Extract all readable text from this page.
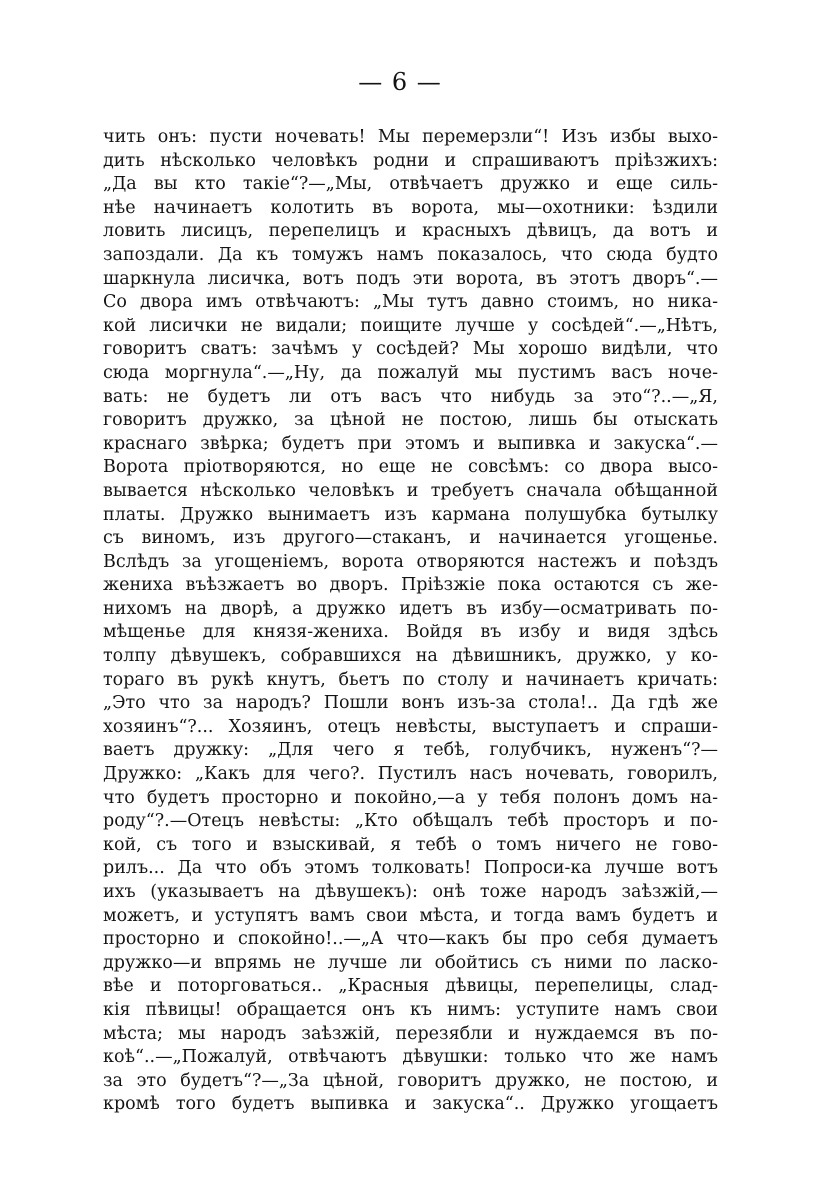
— 6 —
чить онъ: пусти ночевать! Мы перемерзли“! Изъ избы выхо-
дить нѣсколько человѣкъ родни и спрашиваютъ пріѣзжихъ:
„Да вы кто такіе“?—„Мы, отвѣчаетъ дружко и еще силь-
нѣе начинаетъ колотить въ ворота, мы—охотники: ѣздили
ловить лисицъ, перепелицъ и красныхъ дѣвицъ, да вотъ и
запоздали. Да къ томужъ намъ показалось, что сюда будто
шаркнула лисичка, вотъ подъ эти ворота, въ этотъ дворъ“.—
Со двора имъ отвѣчаютъ: „Мы тутъ давно стоимъ, но ника-
кой лисички не видали; поищите лучше у сосѣдей“.—„Нѣтъ,
говоритъ сватъ: зачѣмъ у сосѣдей? Мы хорошо видѣли, что
сюда моргнула“.—„Ну, да пожалуй мы пустимъ васъ ноче-
вать: не будетъ ли отъ васъ что нибудь за это“?..—„Я,
говоритъ дружко, за цѣной не постою, лишь бы отыскать
краснаго звѣрка; будетъ при этомъ и выпивка и закуска“.—
Ворота пріотворяются, но еще не совсѣмъ: со двора высо-
вывается нѣсколько человѣкъ и требуетъ сначала обѣщанной
платы. Дружко вынимаетъ изъ кармана полушубка бутылку
съ виномъ, изъ другого—стаканъ, и начинается угощенье.
Вслѣдъ за угощеніемъ, ворота отворяются настежъ и поѣздъ
жениха въѣзжаетъ во дворъ. Пріѣзжіе пока остаются съ же-
нихомъ на дворѣ, а дружко идетъ въ избу—осматривать по-
мѣщенье для князя-жениха. Войдя въ избу и видя здѣсь
толпу дѣвушекъ, собравшихся на дѣвишникъ, дружко, у ко-
тораго въ рукѣ кнутъ, бьетъ по столу и начинаетъ кричать:
„Это что за народъ? Пошли вонъ изъ-за стола!.. Да гдѣ же
хозяинъ“?... Хозяинъ, отецъ невѣсты, выступаетъ и спраши-
ваетъ дружку: „Для чего я тебѣ, голубчикъ, нуженъ“?—
Дружко: „Какъ для чего?. Пустилъ насъ ночевать, говорилъ,
что будетъ просторно и покойно,—а у тебя полонъ домъ на-
роду“?.—Отецъ невѣсты: „Кто обѣщалъ тебѣ просторъ и по-
кой, съ того и взыскивай, я тебѣ о томъ ничего не гово-
рилъ... Да что объ этомъ толковать! Попроси-ка лучше вотъ
ихъ (указываетъ на дѣвушекъ): онѣ тоже народъ заѣзжій,—
можетъ, и уступятъ вамъ свои мѣста, и тогда вамъ будетъ и
просторно и спокойно!..—„А что—какъ бы про себя думаетъ
дружко—и впрямь не лучше ли обойтись съ ними по ласко-
вѣе и поторговаться.. „Красныя дѣвицы, перепелицы, слад-
кія пѣвицы! обращается онъ къ нимъ: уступите намъ свои
мѣста; мы народъ заѣзжій, перезябли и нуждаемся въ по-
коѣ“..—„Пожалуй, отвѣчаютъ дѣвушки: только что же намъ
за это будетъ“?—„За цѣной, говоритъ дружко, не постою, и
кромѣ того будетъ выпивка и закуска“.. Дружко угощаетъ
